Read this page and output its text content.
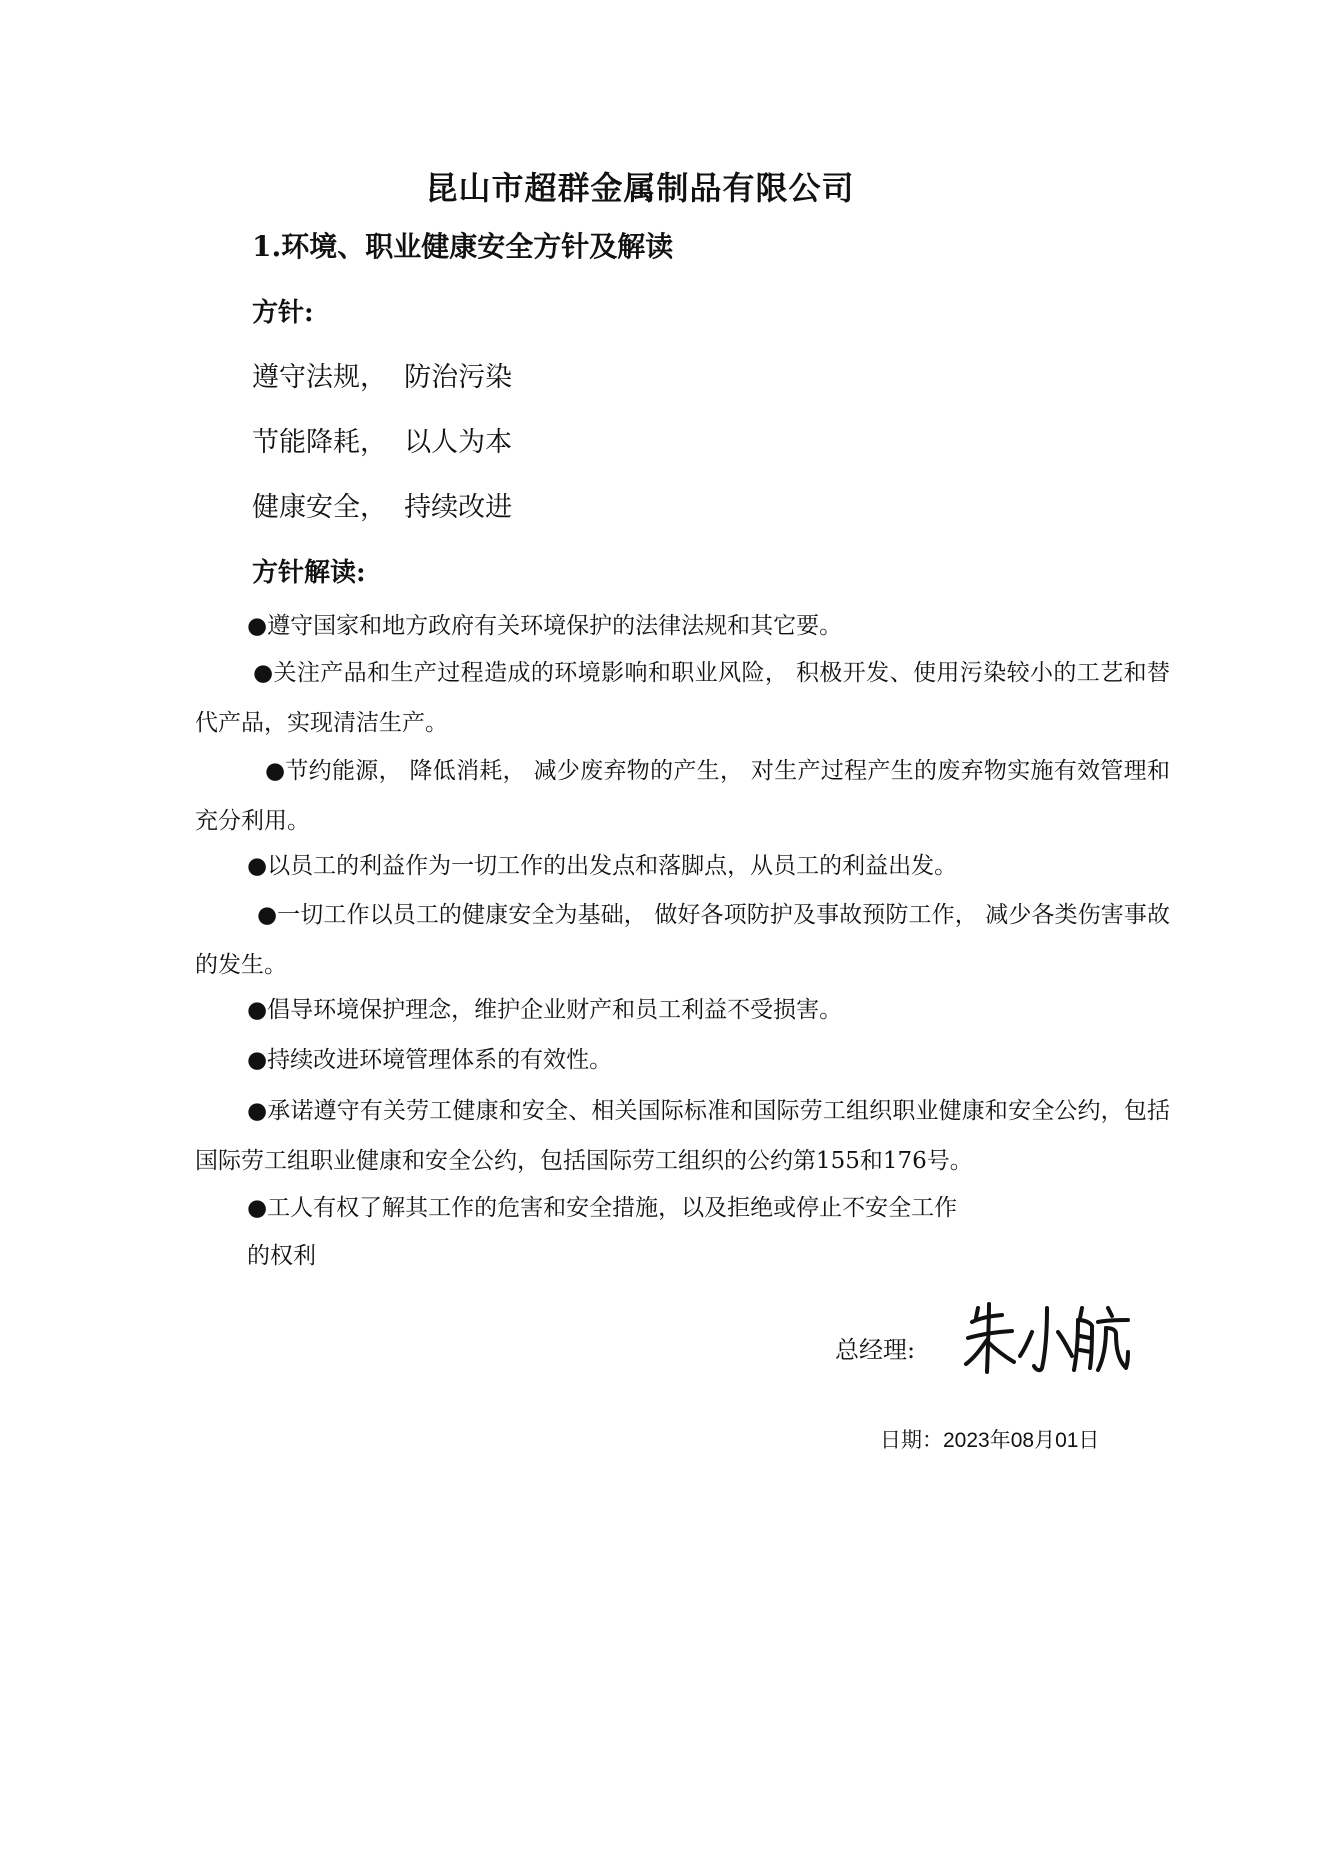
昆山市超群金属制品有限公司
1.环境、职业健康安全方针及解读
方针:
遵守法规，  防治污染
节能降耗，  以人为本
健康安全，  持续改进
方针解读:
●遵守国家和地方政府有关环境保护的法律法规和其它要。
●关注产品和生产过程造成的环境影响和职业风险， 积极开发、使用污染较小的工艺和替代产品，实现清洁生产。
●节约能源， 降低消耗， 减少废弃物的产生， 对生产过程产生的废弃物实施有效管理和充分利用。
●以员工的利益作为一切工作的出发点和落脚点，从员工的利益出发。
●一切工作以员工的健康安全为基础， 做好各项防护及事故预防工作， 减少各类伤害事故的发生。
●倡导环境保护理念，维护企业财产和员工利益不受损害。
●持续改进环境管理体系的有效性。
●承诺遵守有关劳工健康和安全、相关国际标准和国际劳工组织职业健康和安全公约，包括国际劳工组职业健康和安全公约，包括国际劳工组织的公约第155和176号。
●工人有权了解其工作的危害和安全措施，以及拒绝或停止不安全工作
的权利
总经理:
日期：2023年08月01日
